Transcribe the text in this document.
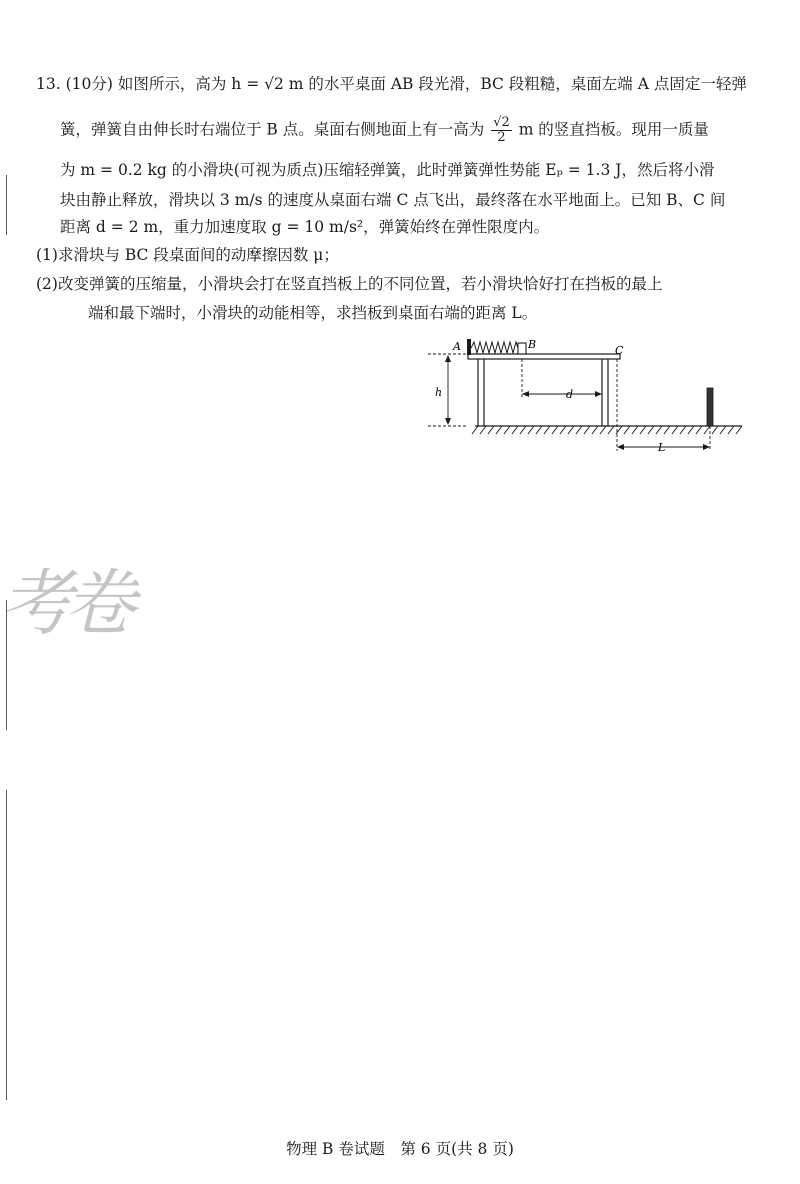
13. (10分) 如图所示，高为 h = √2 m 的水平桌面 AB 段光滑，BC 段粗糙，桌面左端 A 点固定一轻弹
簧，弹簧自由伸长时右端位于 B 点。桌面右侧地面上有一高为 $\frac{√2}{2}$ m 的竖直挡板。现用一质量
为 m = 0.2 kg 的小滑块(可视为质点)压缩轻弹簧，此时弹簧弹性势能 Eₚ = 1.3 J，然后将小滑
块由静止释放，滑块以 3 m/s 的速度从桌面右端 C 点飞出，最终落在水平地面上。已知 B、C 间
距离 d = 2 m，重力加速度取 g = 10 m/s²，弹簧始终在弹性限度内。
(1)求滑块与 BC 段桌面间的动摩擦因数 μ；
(2)改变弹簧的压缩量，小滑块会打在竖直挡板上的不同位置，若小滑块恰好打在挡板的最上
端和最下端时，小滑块的动能相等，求挡板到桌面右端的距离 L。
A	B	C
h	d
L
考卷
物理 B 卷试题　第 6 页(共 8 页)
